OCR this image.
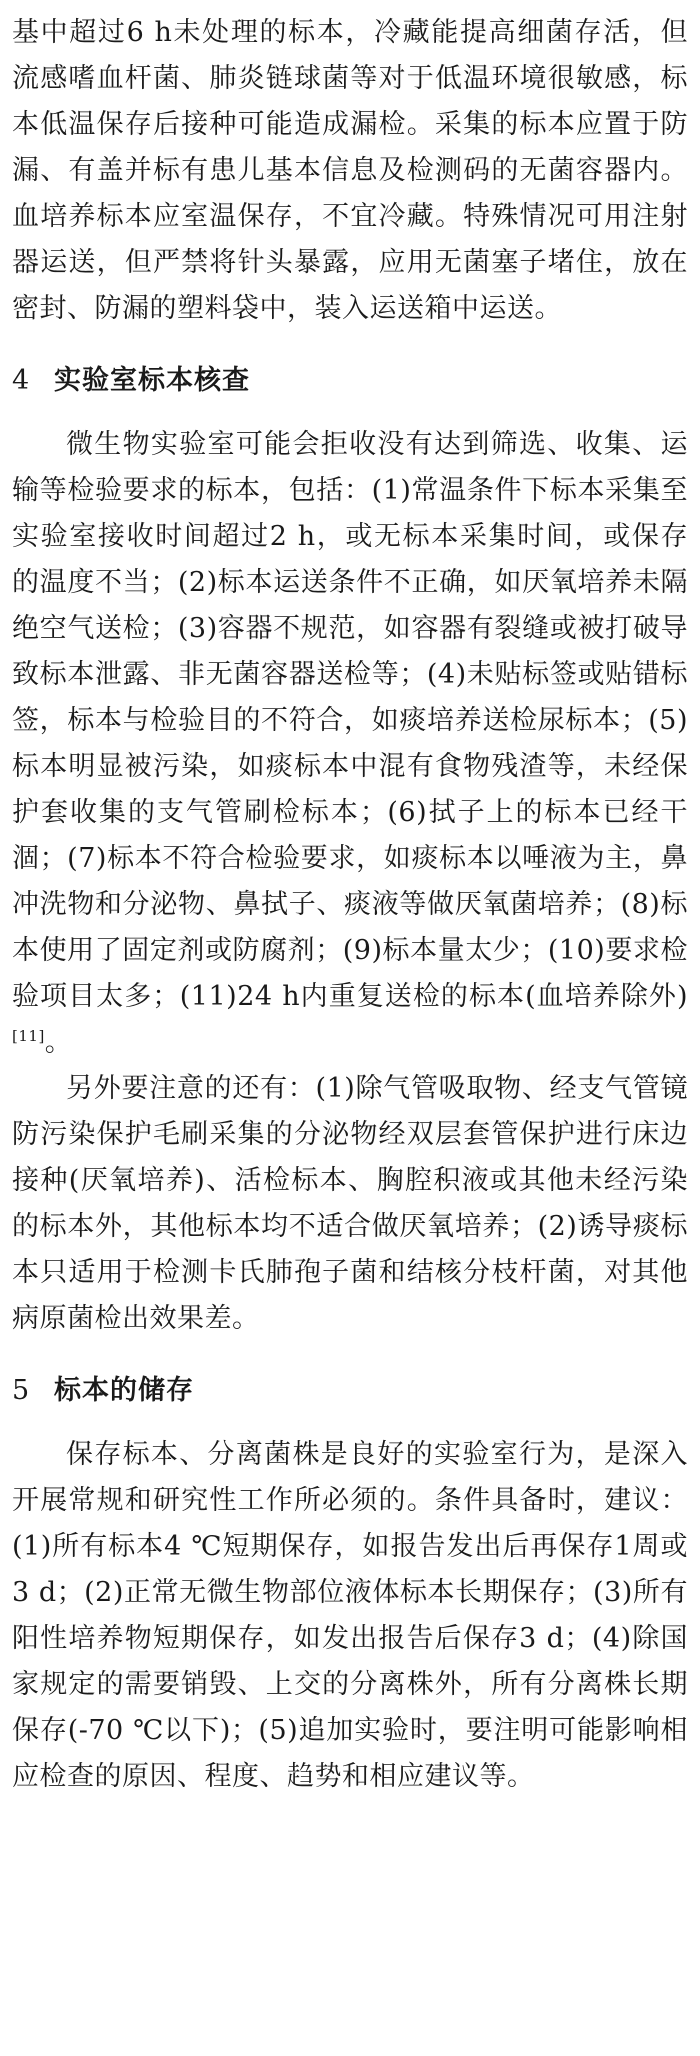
基中超过6 h未处理的标本，冷藏能提高细菌存活，但流感嗜血杆菌、肺炎链球菌等对于低温环境很敏感，标本低温保存后接种可能造成漏检。采集的标本应置于防漏、有盖并标有患儿基本信息及检测码的无菌容器内。血培养标本应室温保存，不宜冷藏。特殊情况可用注射器运送，但严禁将针头暴露，应用无菌塞子堵住，放在密封、防漏的塑料袋中，装入运送箱中运送。

4 实验室标本核查

微生物实验室可能会拒收没有达到筛选、收集、运输等检验要求的标本，包括：(1)常温条件下标本采集至实验室接收时间超过2 h，或无标本采集时间，或保存的温度不当；(2)标本运送条件不正确，如厌氧培养未隔绝空气送检；(3)容器不规范，如容器有裂缝或被打破导致标本泄露、非无菌容器送检等；(4)未贴标签或贴错标签，标本与检验目的不符合，如痰培养送检尿标本；(5)标本明显被污染，如痰标本中混有食物残渣等，未经保护套收集的支气管刷检标本；(6)拭子上的标本已经干涸；(7)标本不符合检验要求，如痰标本以唾液为主，鼻冲洗物和分泌物、鼻拭子、痰液等做厌氧菌培养；(8)标本使用了固定剂或防腐剂；(9)标本量太少；(10)要求检验项目太多；(11)24 h内重复送检的标本(血培养除外)[11]。

另外要注意的还有：(1)除气管吸取物、经支气管镜防污染保护毛刷采集的分泌物经双层套管保护进行床边接种(厌氧培养)、活检标本、胸腔积液或其他未经污染的标本外，其他标本均不适合做厌氧培养；(2)诱导痰标本只适用于检测卡氏肺孢子菌和结核分枝杆菌，对其他病原菌检出效果差。

5 标本的储存

保存标本、分离菌株是良好的实验室行为，是深入开展常规和研究性工作所必须的。条件具备时，建议：(1)所有标本4 ℃短期保存，如报告发出后再保存1周或3 d；(2)正常无微生物部位液体标本长期保存；(3)所有阳性培养物短期保存，如发出报告后保存3 d；(4)除国家规定的需要销毁、上交的分离株外，所有分离株长期保存(-70 ℃以下)；(5)追加实验时，要注明可能影响相应检查的原因、程度、趋势和相应建议等。
